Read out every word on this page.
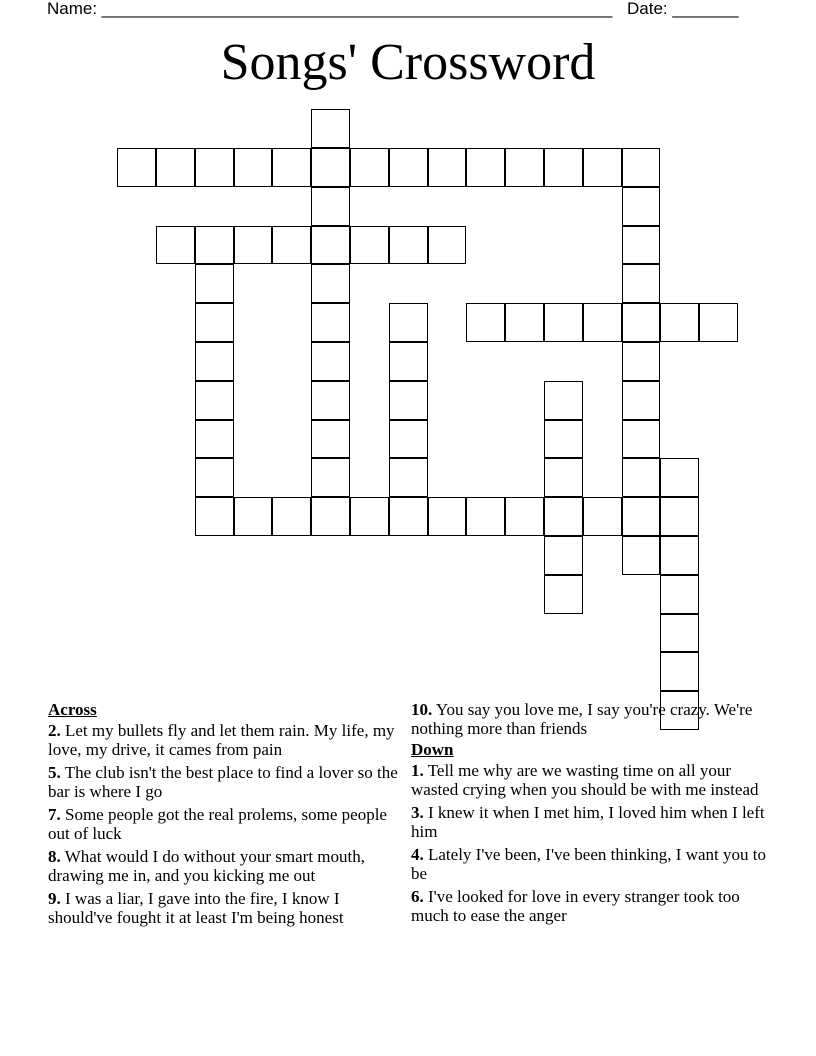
Name: ______________________________________________________ Date: _______
Songs' Crossword
Across
2. Let my bullets fly and let them rain. My life, my love, my drive, it cames from pain
5. The club isn't the best place to find a lover so the bar is where I go
7. Some people got the real prolems, some people out of luck
8. What would I do without your smart mouth, drawing me in, and you kicking me out
9. I was a liar, I gave into the fire, I know I should've fought it at least I'm being honest
10. You say you love me, I say you're crazy. We're nothing more than friends
Down
1. Tell me why are we wasting time on all your wasted crying when you should be with me instead
3. I knew it when I met him, I loved him when I left him
4. Lately I've been, I've been thinking, I want you to be
6. I've looked for love in every stranger took too much to ease the anger
